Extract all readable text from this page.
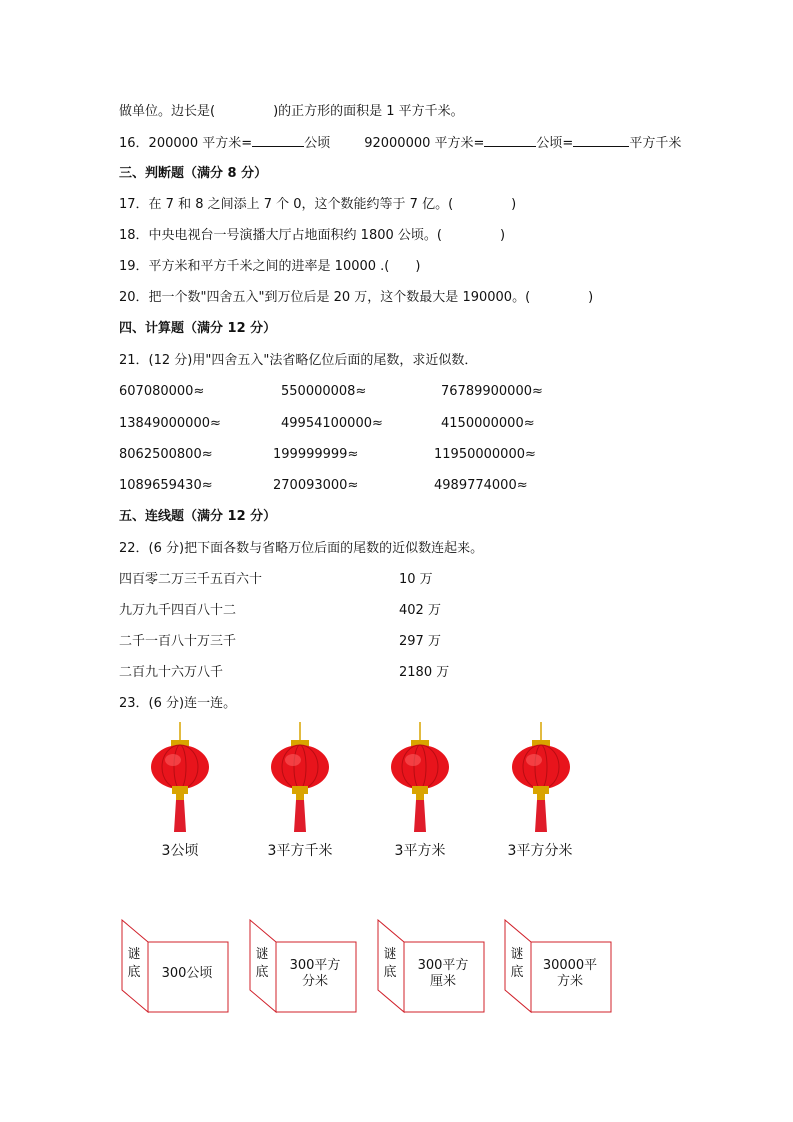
做单位。边长是(	)的正方形的面积是 1 平方千米。
16．200000 平方米=	公顷	92000000 平方米=	公顷=	平方千米
三、判断题（满分 8 分）
17．在 7 和 8 之间添上 7 个 0，这个数能约等于 7 亿。(	)
18．中央电视台一号演播大厅占地面积约 1800 公顷。(	)
19．平方米和平方千米之间的进率是 10000 .( )
20．把一个数"四舍五入"到万位后是 20 万，这个数最大是 190000。(	)
四、计算题（满分 12 分）
21．(12 分)用"四舍五入"法省略亿位后面的尾数，求近似数．
607080000≈	550000008≈	76789900000≈
13849000000≈	49954100000≈	4150000000≈
8062500800≈	199999999≈	11950000000≈
1089659430≈	270093000≈	4989774000≈
五、连线题（满分 12 分）
22．(6 分)把下面各数与省略万位后面的尾数的近似数连起来。
四百零二万三千五百六十	10 万
九万九千四百八十二	402 万
二千一百八十万三千	297 万
二百九十六万八千	2180 万
23．(6 分)连一连。
3公顷	3平方千米	3平方米	3平方分米
谜底	300公顷
谜底	300平方分米
谜底	300平方厘米
谜底	30000平方米
